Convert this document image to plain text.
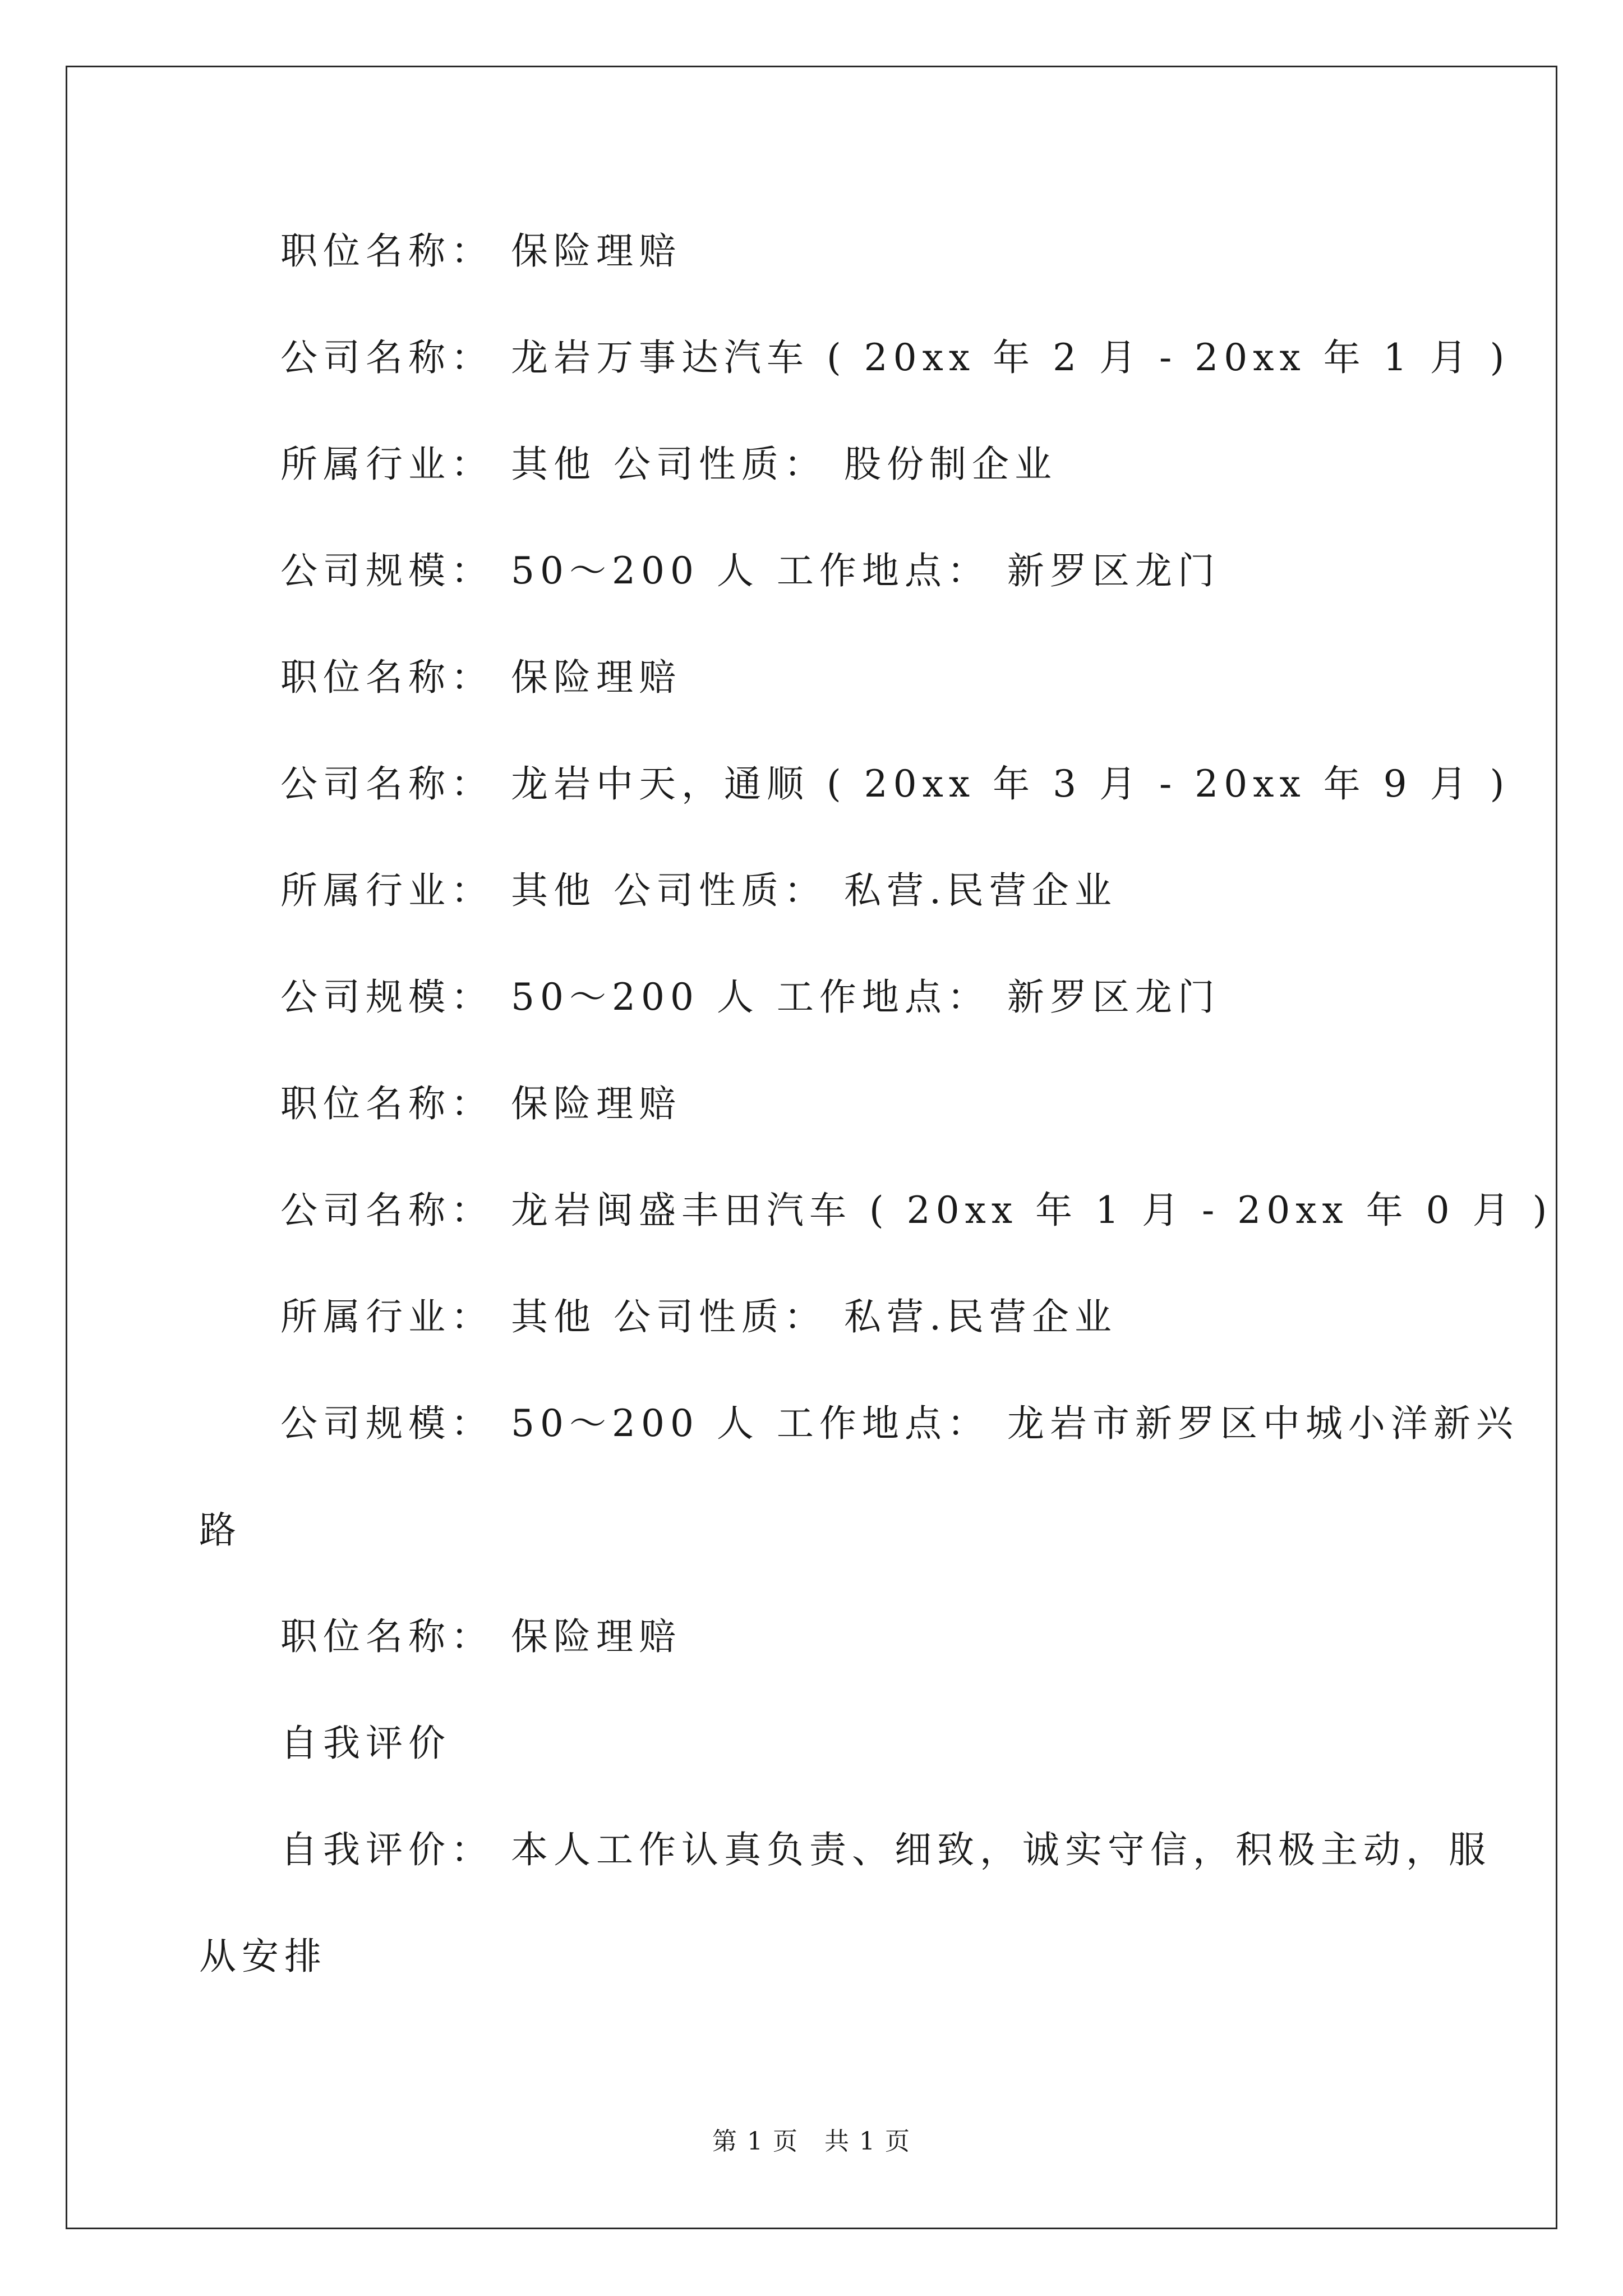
职位名称： 保险理赔
公司名称： 龙岩万事达汽车 ( 20xx 年 2 月 - 20xx 年 1 月 )
所属行业： 其他 公司性质： 股份制企业
公司规模： 50～200 人 工作地点： 新罗区龙门
职位名称： 保险理赔
公司名称： 龙岩中天，通顺 ( 20xx 年 3 月 - 20xx 年 9 月 )
所属行业： 其他 公司性质： 私营.民营企业
公司规模： 50～200 人 工作地点： 新罗区龙门
职位名称： 保险理赔
公司名称： 龙岩闽盛丰田汽车 ( 20xx 年 1 月 - 20xx 年 0 月 )
所属行业： 其他 公司性质： 私营.民营企业
公司规模： 50～200 人 工作地点： 龙岩市新罗区中城小洋新兴
路
职位名称： 保险理赔
自我评价
自我评价： 本人工作认真负责、细致，诚实守信，积极主动，服
从安排
第 1 页　共 1 页
